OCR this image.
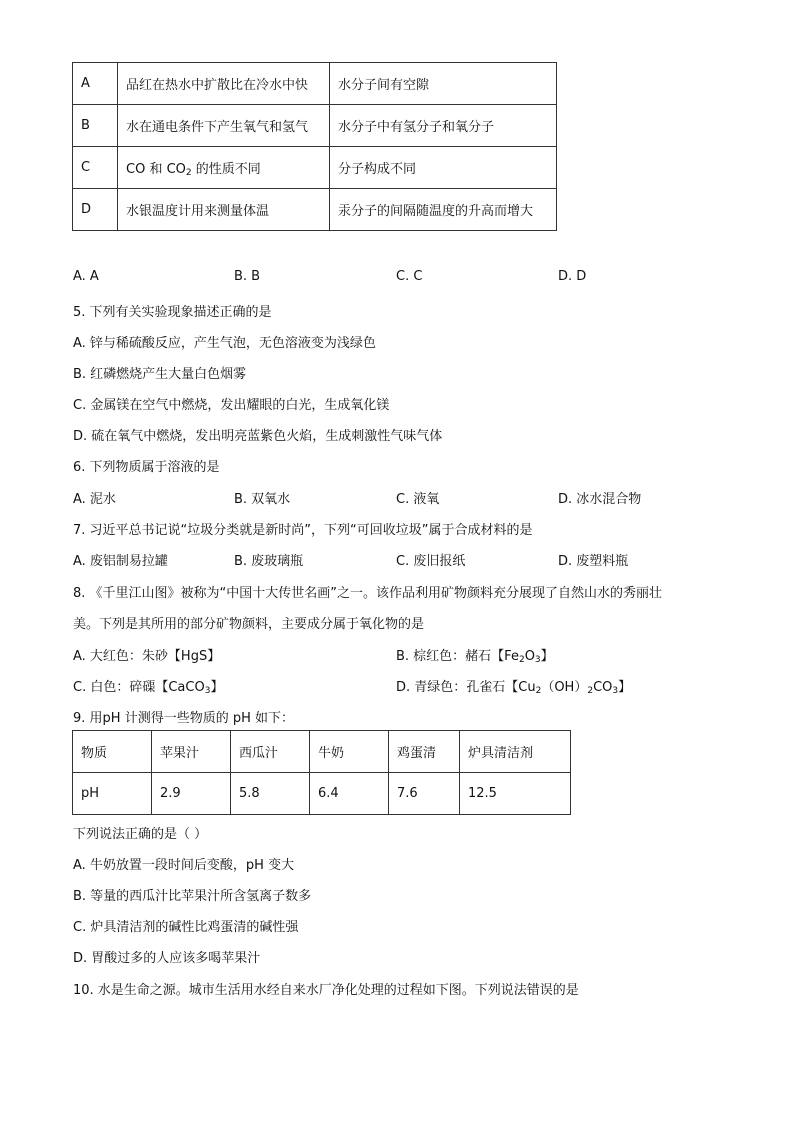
A	品红在热水中扩散比在冷水中快	水分子间有空隙
B	水在通电条件下产生氧气和氢气	水分子中有氢分子和氧分子
C	CO 和 $CO_2$ 的性质不同	分子构成不同
D	水银温度计用来测量体温	汞分子的间隔随温度的升高而增大
A. A	B. B	C. C	D. D
5. 下列有关实验现象描述正确的是
A. 锌与稀硫酸反应，产生气泡，无色溶液变为浅绿色
B. 红磷燃烧产生大量白色烟雾
C. 金属镁在空气中燃烧，发出耀眼的白光，生成氧化镁
D. 硫在氧气中燃烧，发出明亮蓝紫色火焰，生成刺激性气味气体
6. 下列物质属于溶液的是
A. 泥水	B. 双氧水	C. 液氧	D. 冰水混合物
7. 习近平总书记说“垃圾分类就是新时尚”，下列“可回收垃圾”属于合成材料的是
A. 废铝制易拉罐	B. 废玻璃瓶	C. 废旧报纸	D. 废塑料瓶
8. 《千里江山图》被称为“中国十大传世名画”之一。该作品利用矿物颜料充分展现了自然山水的秀丽壮
美。下列是其所用的部分矿物颜料，主要成分属于氧化物的是
A. 大红色：朱砂【HgS】	B. 棕红色：赭石【$Fe_2O_3$】
C. 白色：碎磲【CaCO$_3$】	D. 青绿色：孔雀石【$Cu_2(OH)_2CO_3$】
9. 用pH 计测得一些物质的 pH 如下：
物质	苹果汁	西瓜汁	牛奶	鸡蛋清	炉具清洁剂
pH	2.9	5.8	6.4	7.6	12.5
下列说法正确的是（ ）
A. 牛奶放置一段时间后变酸，pH 变大
B. 等量的西瓜汁比苹果汁所含氢离子数多
C. 炉具清洁剂的碱性比鸡蛋清的碱性强
D. 胃酸过多的人应该多喝苹果汁
10. 水是生命之源。城市生活用水经自来水厂净化处理的过程如下图。下列说法错误的是
